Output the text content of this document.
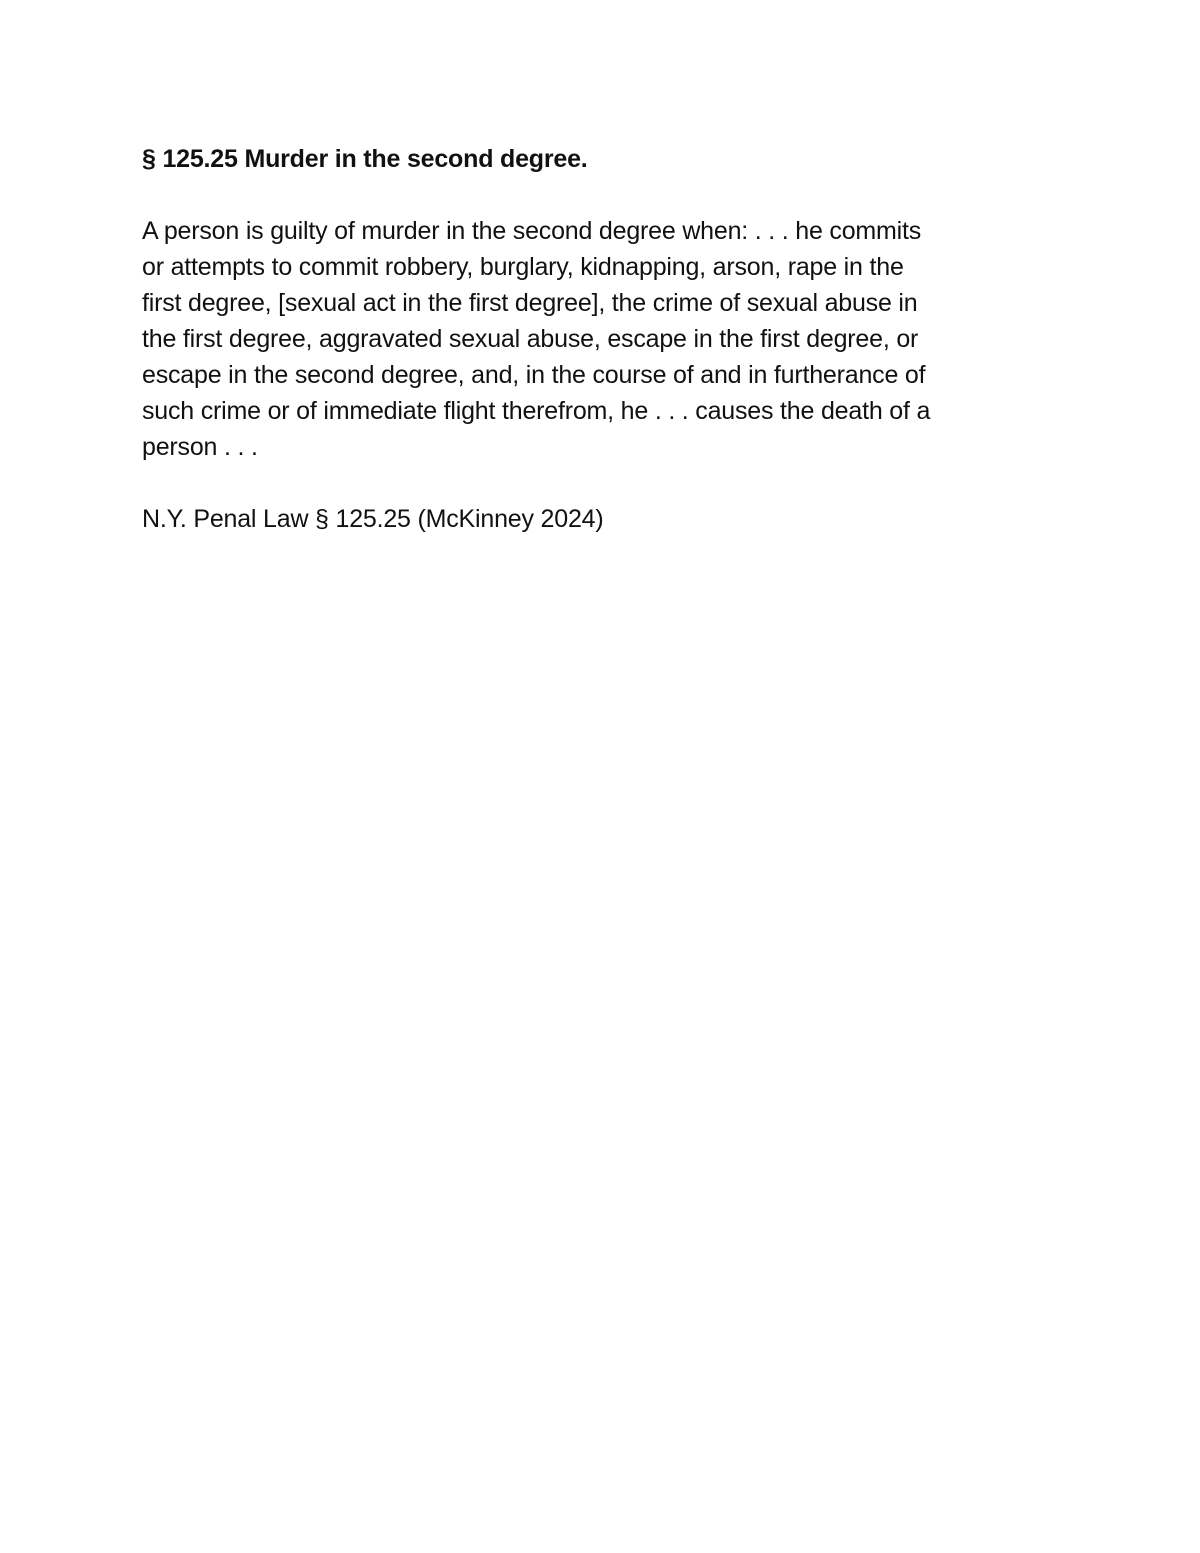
§ 125.25 Murder in the second degree.

A person is guilty of murder in the second degree when: . . . he commits
or attempts to commit robbery, burglary, kidnapping, arson, rape in the
first degree, [sexual act in the first degree], the crime of sexual abuse in
the first degree, aggravated sexual abuse, escape in the first degree, or
escape in the second degree, and, in the course of and in furtherance of
such crime or of immediate flight therefrom, he . . . causes the death of a
person . . .

N.Y. Penal Law § 125.25 (McKinney 2024)
